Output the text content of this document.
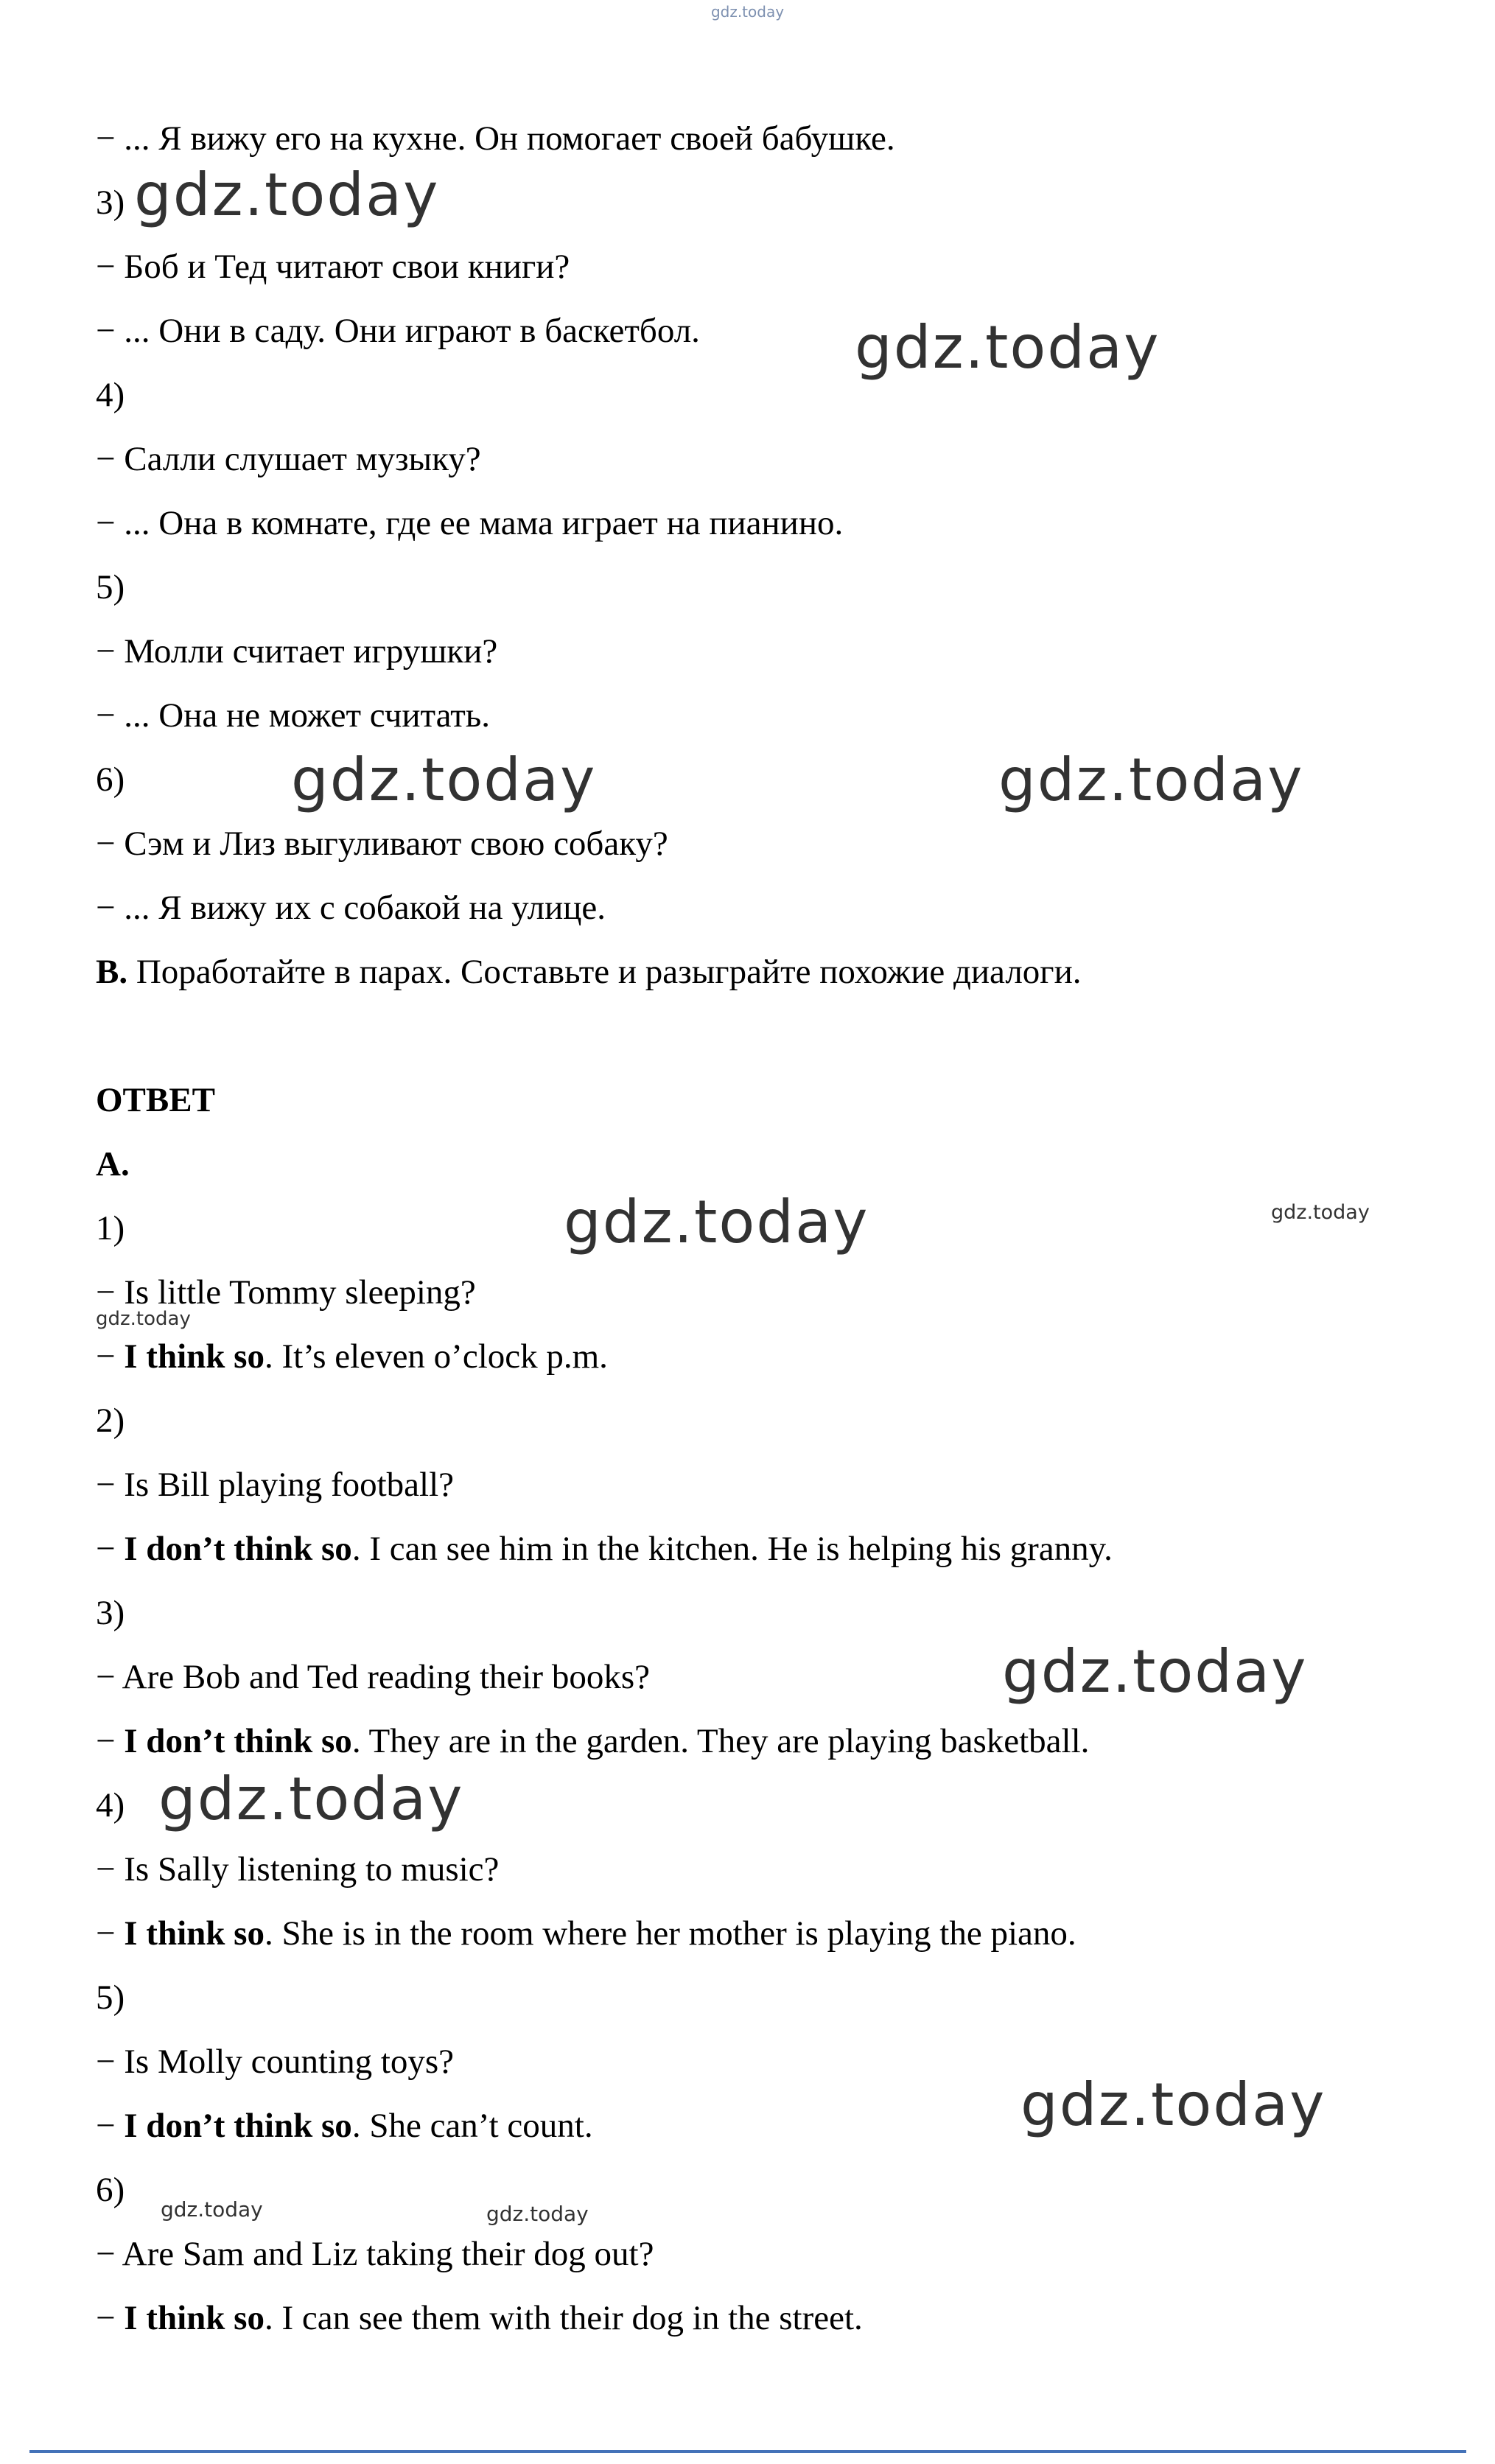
gdz.today
gdz.today
gdz.today
gdz.today	gdz.today
gdz.today	gdz.today
gdz.today
gdz.today
gdz.today
gdz.today
gdz.today	gdz.today
− ... Я вижу его на кухне. Он помогает своей бабушке.
3)
− Боб и Тед читают свои книги?
− ... Они в саду. Они играют в баскетбол.
4)
− Салли слушает музыку?
− ... Она в комнате, где ее мама играет на пианино.
5)
− Молли считает игрушки?
− ... Она не может считать.
6)
− Сэм и Лиз выгуливают свою собаку?
− ... Я вижу их с собакой на улице.
В. Поработайте в парах. Составьте и разыграйте похожие диалоги.
ОТВЕТ
А.
1)
− Is little Tommy sleeping?
− I think so. It’s eleven o’clock p.m.
2)
− Is Bill playing football?
− I don’t think so. I can see him in the kitchen. He is helping his granny.
3)
− Are Bob and Ted reading their books?
− I don’t think so. They are in the garden. They are playing basketball.
4)
− Is Sally listening to music?
− I think so. She is in the room where her mother is playing the piano.
5)
− Is Molly counting toys?
− I don’t think so. She can’t count.
6)
− Are Sam and Liz taking their dog out?
− I think so. I can see them with their dog in the street.
